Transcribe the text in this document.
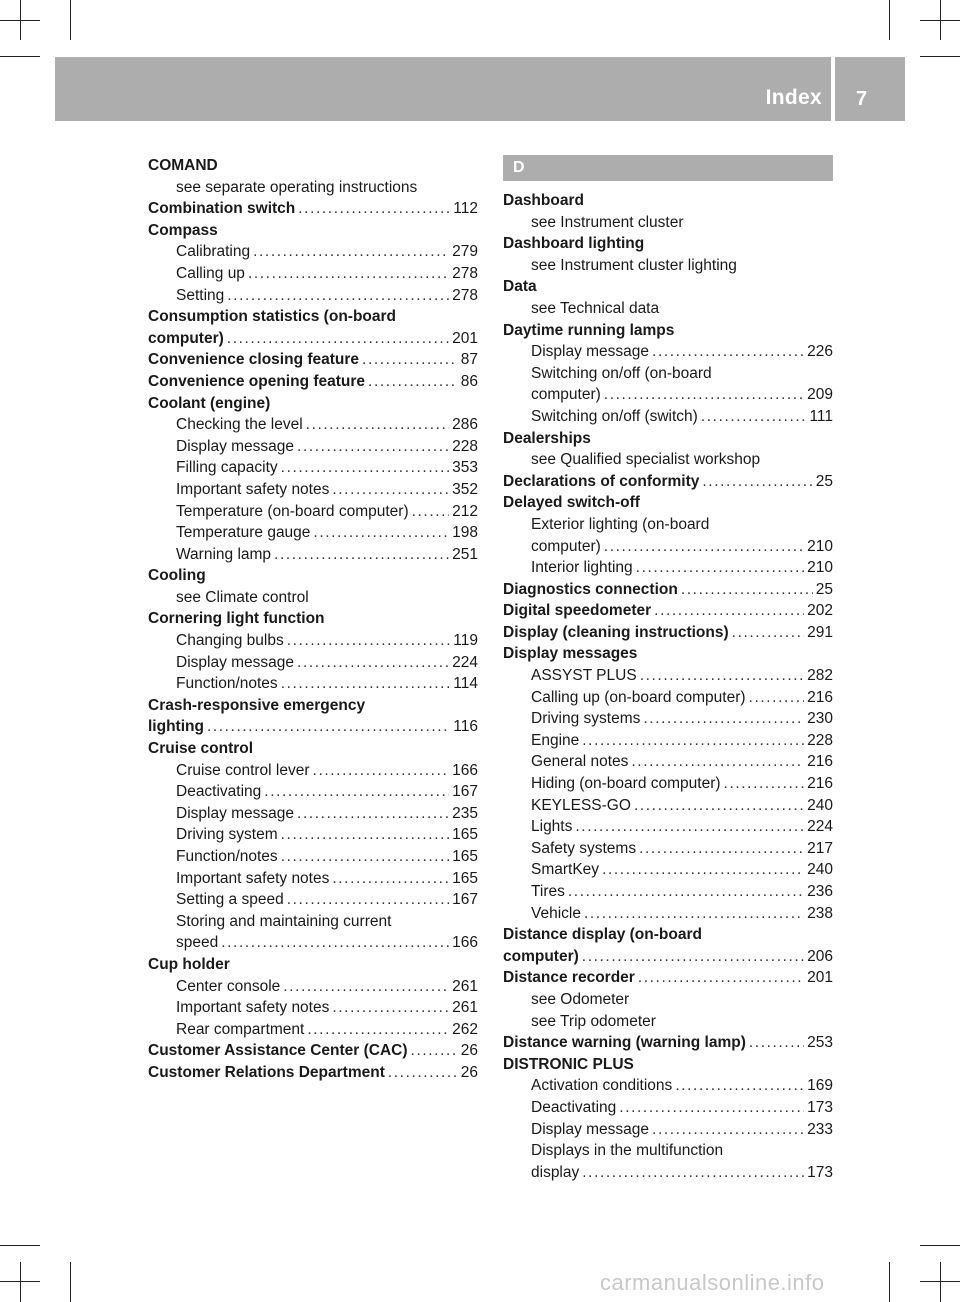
Index 7
COMAND
see separate operating instructions
Combination switch .....	112
Compass
Calibrating .....	279
Calling up .....	278
Setting .....	278
Consumption statistics (on-board
computer) .....	201
Convenience closing feature .....	87
Convenience opening feature .....	86
Coolant (engine)
Checking the level .....	286
Display message .....	228
Filling capacity .....	353
Important safety notes .....	352
Temperature (on-board computer) .....	212
Temperature gauge .....	198
Warning lamp .....	251
Cooling
see Climate control
Cornering light function
Changing bulbs .....	119
Display message .....	224
Function/notes .....	114
Crash-responsive emergency
lighting .....	116
Cruise control
Cruise control lever .....	166
Deactivating .....	167
Display message .....	235
Driving system .....	165
Function/notes .....	165
Important safety notes .....	165
Setting a speed .....	167
Storing and maintaining current
speed .....	166
Cup holder
Center console .....	261
Important safety notes .....	261
Rear compartment .....	262
Customer Assistance Center (CAC) .....	26
Customer Relations Department .....	26
D
Dashboard
see Instrument cluster
Dashboard lighting
see Instrument cluster lighting
Data
see Technical data
Daytime running lamps
Display message .....	226
Switching on/off (on-board
computer) .....	209
Switching on/off (switch) .....	111
Dealerships
see Qualified specialist workshop
Declarations of conformity .....	25
Delayed switch-off
Exterior lighting (on-board
computer) .....	210
Interior lighting .....	210
Diagnostics connection .....	25
Digital speedometer .....	202
Display (cleaning instructions) .....	291
Display messages
ASSYST PLUS .....	282
Calling up (on-board computer) .....	216
Driving systems .....	230
Engine .....	228
General notes .....	216
Hiding (on-board computer) .....	216
KEYLESS-GO .....	240
Lights .....	224
Safety systems .....	217
SmartKey .....	240
Tires .....	236
Vehicle .....	238
Distance display (on-board
computer) .....	206
Distance recorder .....	201
see Odometer
see Trip odometer
Distance warning (warning lamp) .....	253
DISTRONIC PLUS
Activation conditions .....	169
Deactivating .....	173
Display message .....	233
Displays in the multifunction
display .....	173
carmanualsonline.info
